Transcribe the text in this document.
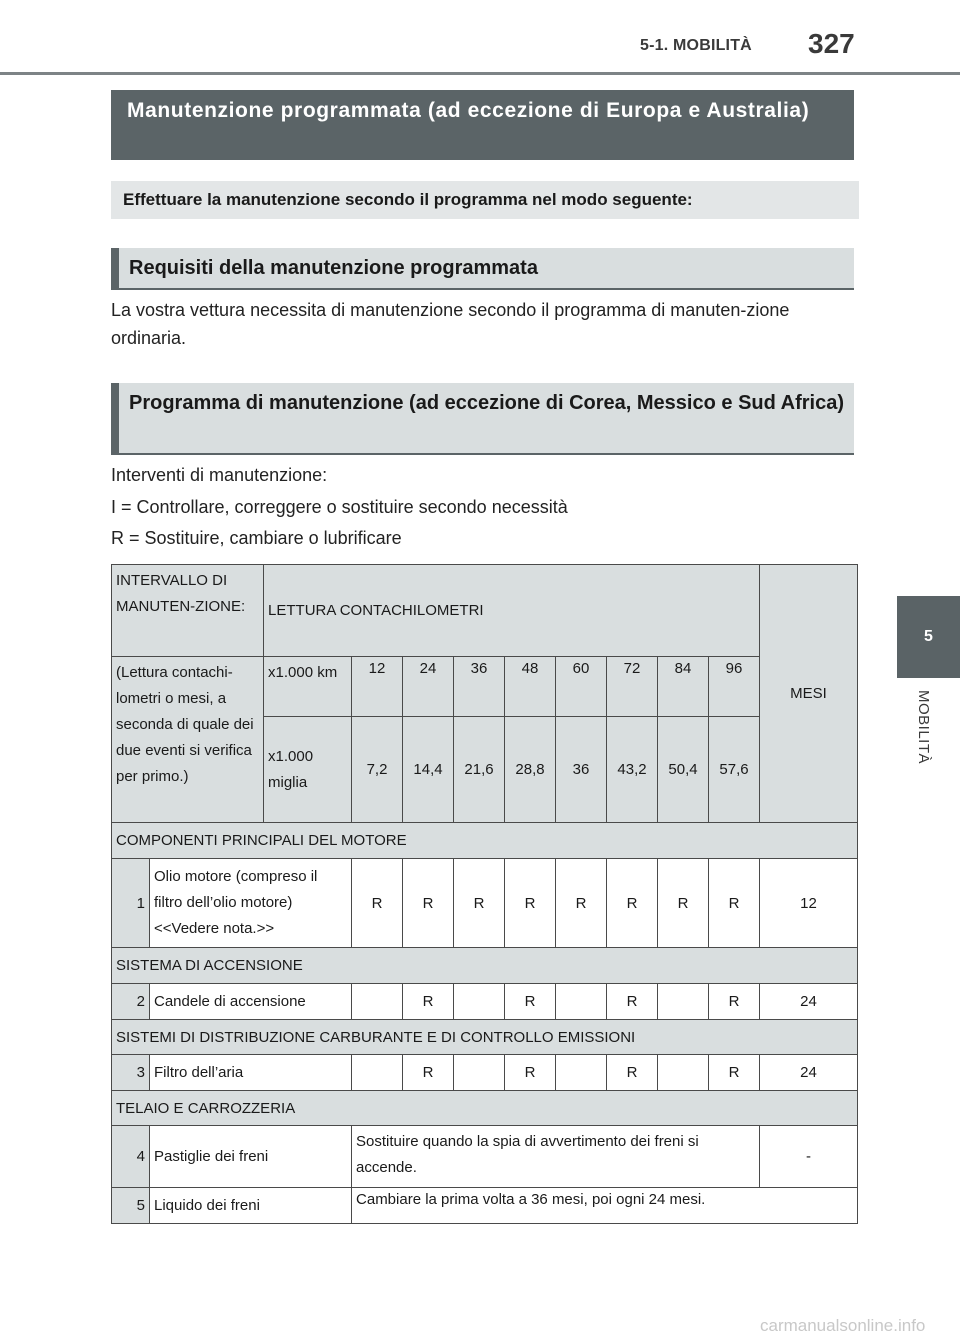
5-1. MOBILITÀ 327
5
MOBILITÀ
Manutenzione programmata (ad eccezione di Europa e Australia)
Effettuare la manutenzione secondo il programma nel modo seguente:
Requisiti della manutenzione programmata
La vostra vettura necessita di manutenzione secondo il programma di manuten-zione ordinaria.
Programma di manutenzione (ad eccezione di Corea, Messico e Sud Africa)
Interventi di manutenzione:
I = Controllare, correggere o sostituire secondo necessità
R = Sostituire, cambiare o lubrificare
INTERVALLO DI MANUTEN-ZIONE:		LETTURA CONTACHILOMETRI									MESI
(Lettura contachi-lometri o mesi, a seconda di quale dei due eventi si verifica per primo.)		x1.000 km	12	24	36	48	60	72	84	96	
		x1.000 miglia	7,2	14,4	21,6	28,8	36	43,2	50,4	57,6	
COMPONENTI PRINCIPALI DEL MOTORE											
1	Olio motore (compreso il filtro dell’olio motore) <<Vedere nota.>>		R	R	R	R	R	R	R	R	12
SISTEMA DI ACCENSIONE											
2	Candele di accensione			R		R		R		R	24
SISTEMI DI DISTRIBUZIONE CARBURANTE E DI CONTROLLO EMISSIONI											
3	Filtro dell’aria			R		R		R		R	24
TELAIO E CARROZZERIA											
4	Pastiglie dei freni		Sostituire quando la spia di avvertimento dei freni si accende.								-
5	Liquido dei freni		Cambiare la prima volta a 36 mesi, poi ogni 24 mesi.								
carmanualsonline.info
